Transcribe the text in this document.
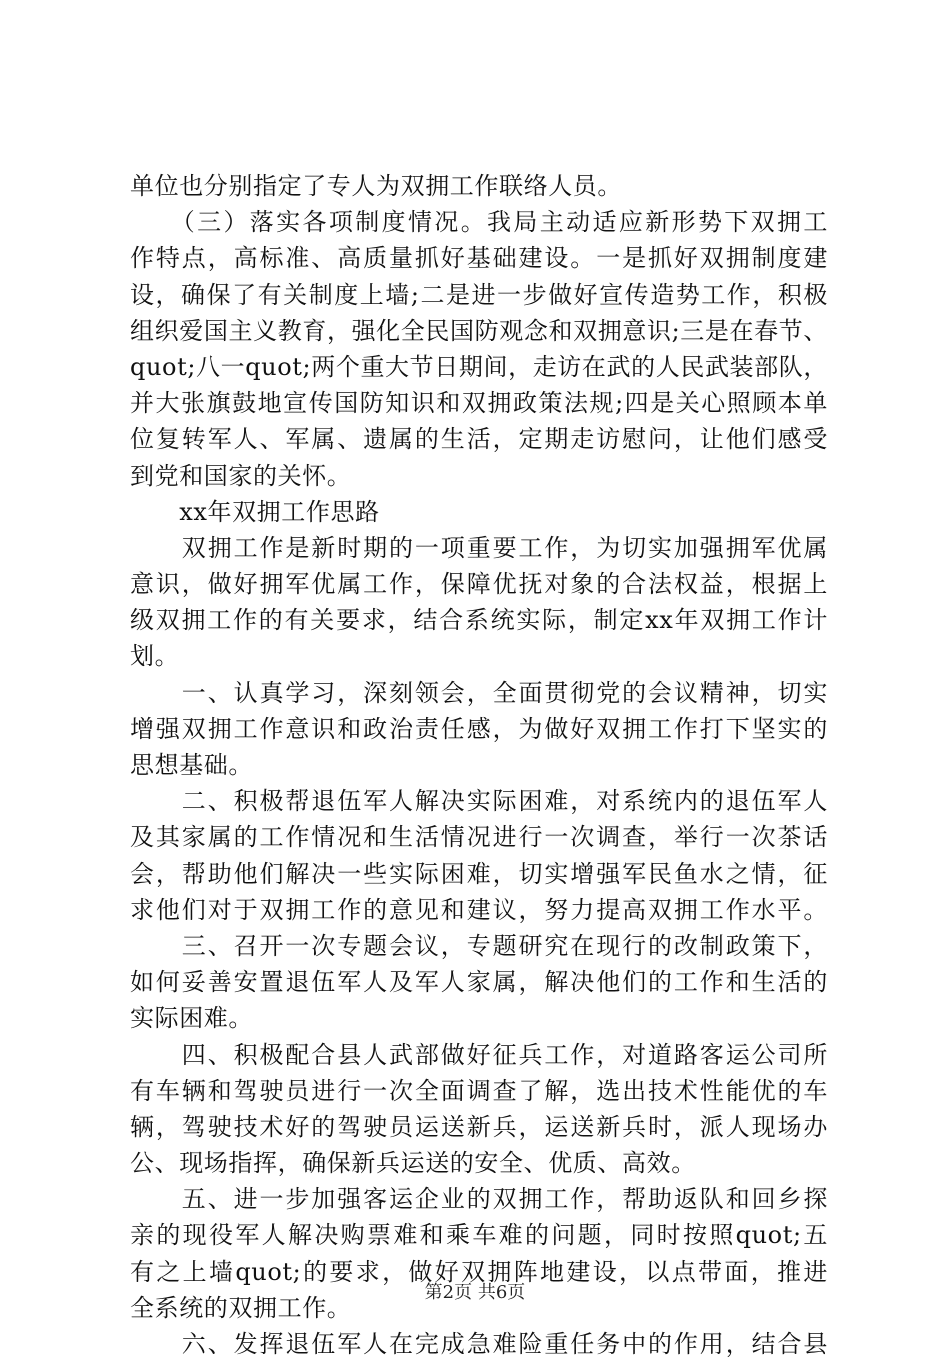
单位也分别指定了专人为双拥工作联络人员。
　　（三）落实各项制度情况。我局主动适应新形势下双拥工
作特点，高标准、高质量抓好基础建设。一是抓好双拥制度建
设，确保了有关制度上墙;二是进一步做好宣传造势工作，积极
组织爱国主义教育，强化全民国防观念和双拥意识;三是在春节、
quot;八一quot;两个重大节日期间，走访在武的人民武装部队，
并大张旗鼓地宣传国防知识和双拥政策法规;四是关心照顾本单
位复转军人、军属、遗属的生活，定期走访慰问，让他们感受
到党和国家的关怀。
　　xx年双拥工作思路
　　双拥工作是新时期的一项重要工作，为切实加强拥军优属
意识，做好拥军优属工作，保障优抚对象的合法权益，根据上
级双拥工作的有关要求，结合系统实际，制定xx年双拥工作计
划。
　　一、认真学习，深刻领会，全面贯彻党的会议精神，切实
增强双拥工作意识和政治责任感，为做好双拥工作打下坚实的
思想基础。
　　二、积极帮退伍军人解决实际困难，对系统内的退伍军人
及其家属的工作情况和生活情况进行一次调查，举行一次茶话
会，帮助他们解决一些实际困难，切实增强军民鱼水之情，征
求他们对于双拥工作的意见和建议，努力提高双拥工作水平。
　　三、召开一次专题会议，专题研究在现行的改制政策下，
如何妥善安置退伍军人及军人家属，解决他们的工作和生活的
实际困难。
　　四、积极配合县人武部做好征兵工作，对道路客运公司所
有车辆和驾驶员进行一次全面调查了解，选出技术性能优的车
辆，驾驶技术好的驾驶员运送新兵，运送新兵时，派人现场办
公、现场指挥，确保新兵运送的安全、优质、高效。
　　五、进一步加强客运企业的双拥工作，帮助返队和回乡探
亲的现役军人解决购票难和乘车难的问题，同时按照quot;五
有之上墙quot;的要求，做好双拥阵地建设，以点带面，推进
全系统的双拥工作。
　　六、发挥退伍军人在完成急难险重任务中的作用，结合县
第2页 共6页
